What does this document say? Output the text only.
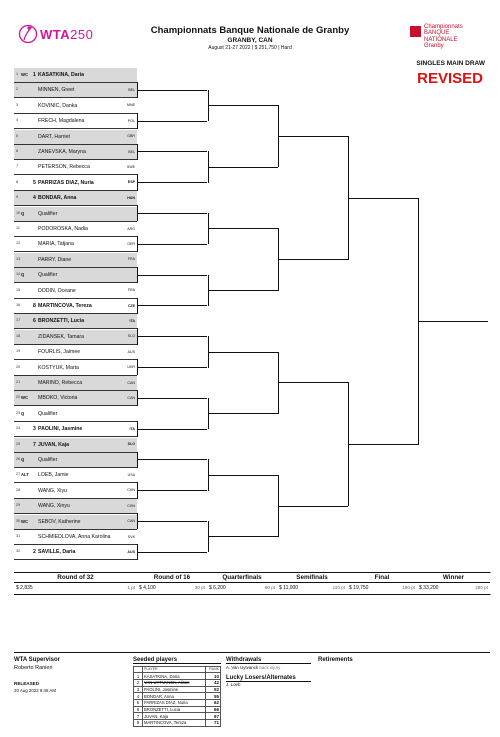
WTA250	Championnats Banque Nationale de Granby
GRANBY, CAN
August 21-27 2022 | $ 251,750 | Hard
Championnats
BANQUE
NATIONALE
Granby
SINGLES MAIN DRAW
REVISED
1 WC 1 KASATKINA, Daria
2	MINNEN, Greet	BEL
3	KOVINIC, Danka	MNE
4	FRECH, Magdalena	POL
5	DART, Harriet	GBR
6	ZANEVSKA, Maryna	BEL
7	PETERSON, Rebecca	SWE
8	5 PARRIZAS DIAZ, Nuria	ESP
9	4 BONDAR, Anna	HUN
10 Q	Qualifier
11	PODOROSKA, Nadia	ARG
12	MARIA, Tatjana	GER
13	PARRY, Diane	FRA
14 Q	Qualifier
15	DODIN, Oceane	FRA
16 8 MARTINCOVA, Tereza	CZE
17 6 BRONZETTI, Lucia	ITA
18	ZIDANSEK, Tamara	SLO
19	FOURLIS, Jaimee	AUS
20	KOSTYUK, Marta	UKR
21	MARINO, Rebecca	CAN
22 WC MBOKO, Victoria	CAN
23 Q	Qualifier
24 3 PAOLINI, Jasmine	ITA
25 7 JUVAN, Kaja	SLO
26 Q	Qualifier
27 ALT LOEB, Jamie	USA
28	WANG, Xiyu	CHN
29	WANG, Xinyu	CHN
30 WC SEBOV, Katherine	CAN
31	SCHMIEDLOVA, Anna Karolina	SVK
32 2 SAVILLE, Daria	AUS
Round of 32
$ 2,835	1 pt
Round of 16
$ 4,100	30 pt
Quarterfinals
$ 6,200	60 pt
Semifinals
$ 11,000	110 pt
Final
$ 19,750	180 pt
Winner
$ 33,200	280 pt
WTA Supervisor
Roberto Ranieri
RELEASED
20 Aug 2022 9:48 AM
Seeded players
	PLAYER	RANK
1	KASATKINA, Daria	10
2	VAN UYTVANCK, Alison	42
3	PAOLINI, Jasmine	52
4	BONDAR, Anna	55
5	PARRIZAS DIAZ, Nuria	62
6	BRONZETTI, Lucia	66
7	JUVAN, Kaja	67
8	MARTINCOVA, Tereza	71
Withdrawals
A. Van Uytvanck back injury
Lucky Losers/Alternates
J. Loeb
Retirements
